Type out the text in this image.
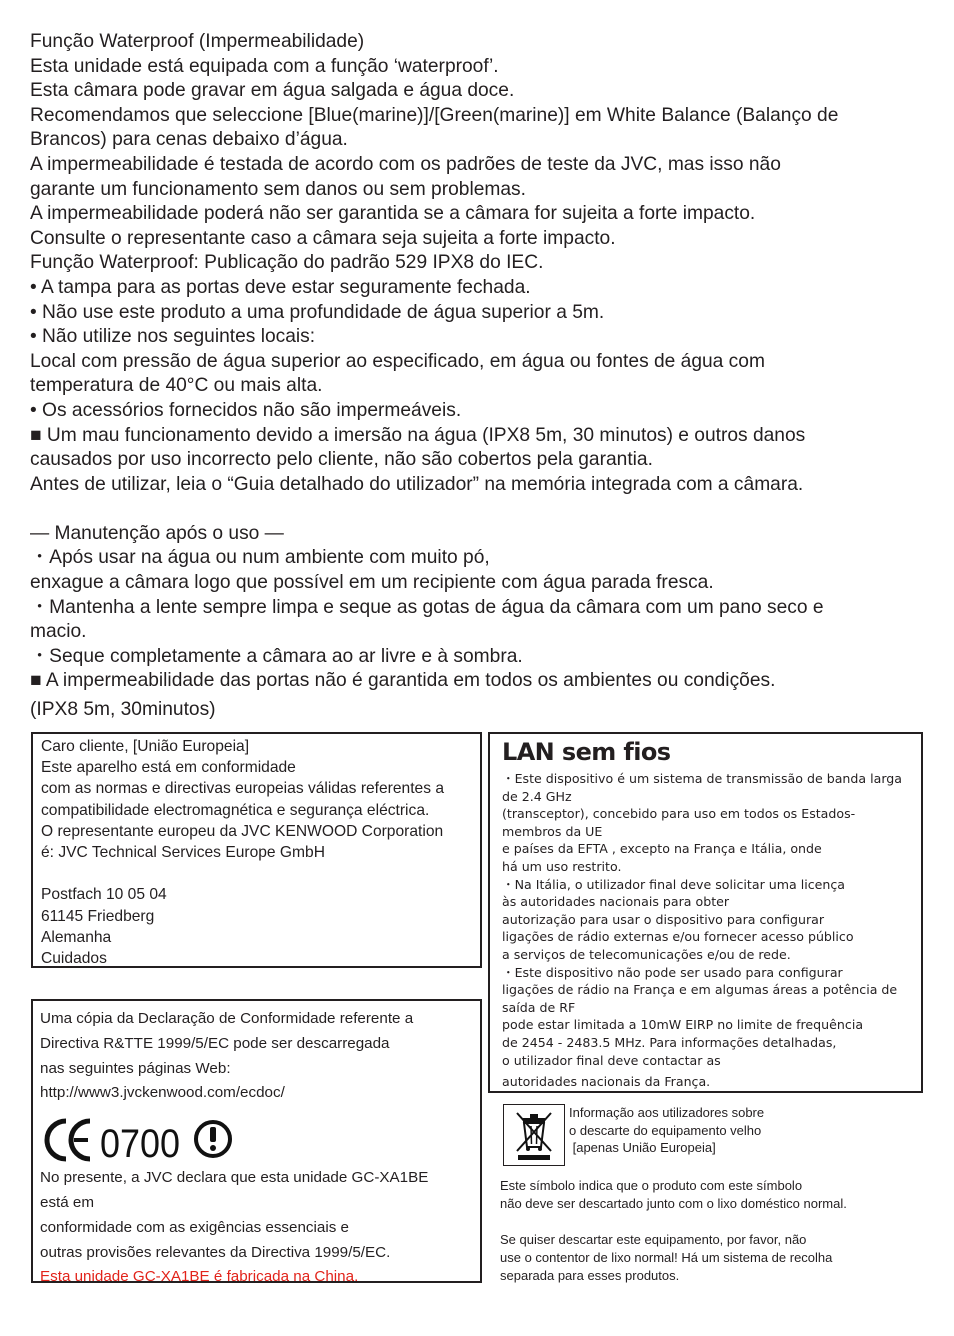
Função Waterproof (Impermeabilidade)

Esta unidade está equipada com a função ‘waterproof’.

Esta câmara pode gravar em água salgada e água doce.

Recomendamos que seleccione [Blue(marine)]/[Green(marine)] em White Balance (Balanço de

Brancos) para cenas debaixo d’água.

A impermeabilidade é testada de acordo com os padrões de teste da JVC, mas isso não

garante um funcionamento sem danos ou sem problemas.

A impermeabilidade poderá não ser garantida se a câmara for sujeita a forte impacto.

Consulte o representante caso a câmara seja sujeita a forte impacto.

Função Waterproof: Publicação do padrão 529 IPX8 do IEC.

• A tampa para as portas deve estar seguramente fechada.

• Não use este produto a uma profundidade de água superior a 5m.

• Não utilize nos seguintes locais:

Local com pressão de água superior ao especificado, em água ou fontes de água com

temperatura de 40°C ou mais alta.

• Os acessórios fornecidos não são impermeáveis.

■ Um mau funcionamento devido a imersão na água (IPX8 5m, 30 minutos) e outros danos

causados por uso incorrecto pelo cliente, não são cobertos pela garantia.

Antes de utilizar, leia o “Guia detalhado do utilizador” na memória integrada com a câmara.

— Manutenção após o uso —

・Após usar na água ou num ambiente com muito pó,

enxague a câmara logo que possível em um recipiente com água parada fresca.

・Mantenha a lente sempre limpa e seque as gotas de água da câmara com um pano seco e

macio.

・Seque completamente a câmara ao ar livre e à sombra.

■ A impermeabilidade das portas não é garantida em todos os ambientes ou condições.

(IPX8 5m, 30minutos)

Caro cliente, [União Europeia]

Este aparelho está em conformidade

com as normas e directivas europeias válidas referentes a

compatibilidade electromagnética e segurança eléctrica.

O representante europeu da JVC KENWOOD Corporation

é: JVC Technical Services Europe GmbH

Postfach 10 05 04

61145 Friedberg

Alemanha

Cuidados

Uma cópia da Declaração de Conformidade referente a

Directiva R&TTE 1999/5/EC pode ser descarregada

nas seguintes páginas Web:

http://www3.jvckenwood.com/ecdoc/

0700

No presente, a JVC declara que esta unidade GC-XA1BE

está em

conformidade com as exigências essenciais e

outras provisões relevantes da Directiva 1999/5/EC.

Esta unidade GC-XA1BE é fabricada na China.

LAN sem fios

・Este dispositivo é um sistema de transmissão de banda larga

de 2.4 GHz

(transceptor), concebido para uso em todos os Estados-

membros da UE

e países da EFTA , excepto na França e Itália, onde

há um uso restrito.

・Na Itália, o utilizador final deve solicitar uma licença

às autoridades nacionais para obter

autorização para usar o dispositivo para configurar

ligações de rádio externas e/ou fornecer acesso público

a serviços de telecomunicações e/ou de rede.

・Este dispositivo não pode ser usado para configurar

ligações de rádio na França e em algumas áreas a potência de

saída de RF

pode estar limitada a 10mW EIRP no limite de frequência

de 2454 - 2483.5 MHz. Para informações detalhadas,

o utilizador final deve contactar as

autoridades nacionais da França.

Informação aos utilizadores sobre

o descarte do equipamento velho

[apenas União Europeia]

Este símbolo indica que o produto com este símbolo

não deve ser descartado junto com o lixo doméstico normal.

Se quiser descartar este equipamento, por favor, não

use o contentor de lixo normal! Há um sistema de recolha

separada para esses produtos.
